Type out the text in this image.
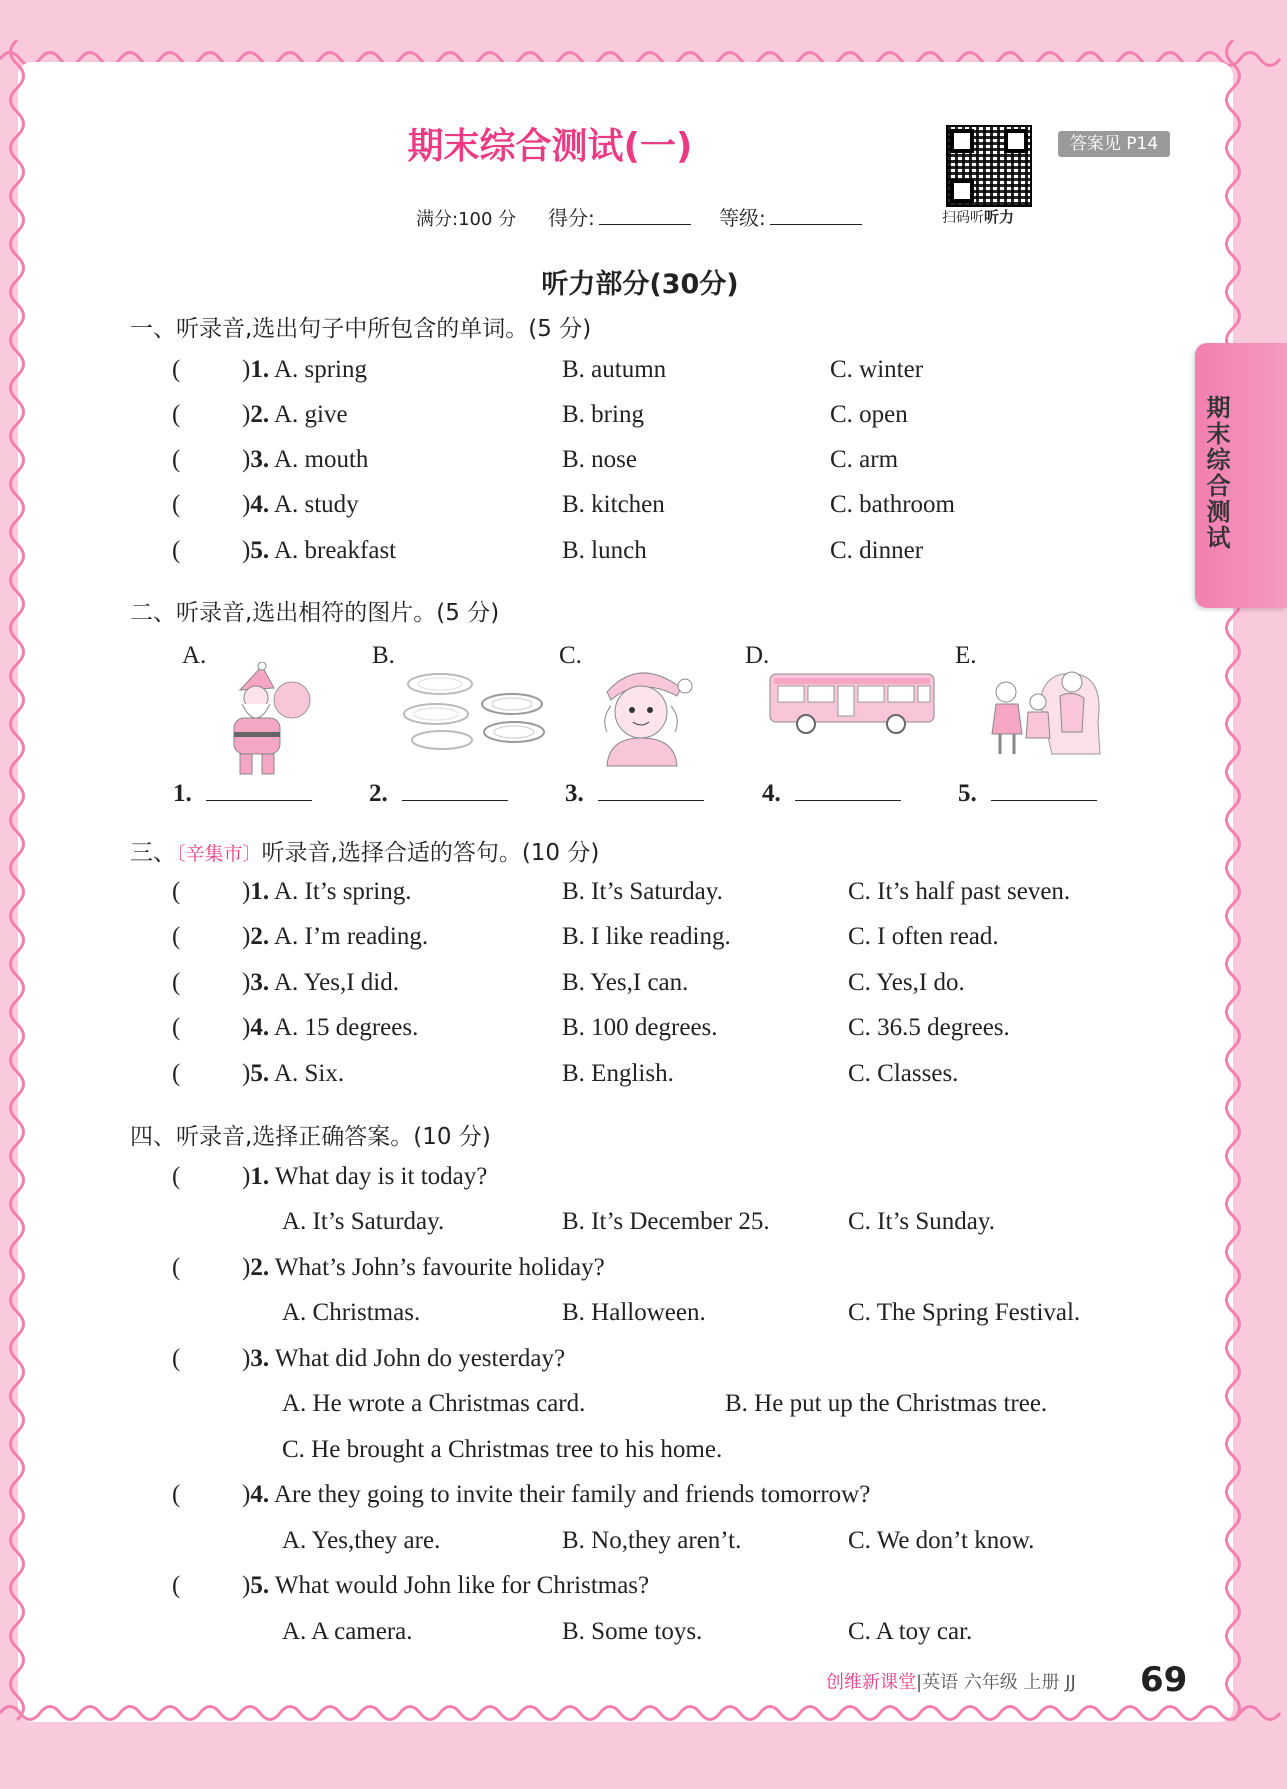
期末综合测试
期末综合测试(一)
扫码听听力
答案见 P14
满分:100 分 得分:	等级:
听力部分(30分)
一、听录音,选出句子中所包含的单词。(5 分)
( )1. A. spring	B. autumn	C. winter
( )2. A. give	B. bring	C. open
( )3. A. mouth	B. nose	C. arm
( )4. A. study	B. kitchen	C. bathroom
( )5. A. breakfast	B. lunch	C. dinner
二、听录音,选出相符的图片。(5 分)
A.	B.	C.	D.	E.
1.	2.	3.	4.	5.
三、〔辛集市〕听录音,选择合适的答句。(10 分)
( )1. A. It’s spring.	B. It’s Saturday.	C. It’s half past seven.
( )2. A. I’m reading.	B. I like reading.	C. I often read.
( )3. A. Yes,I did.	B. Yes,I can.	C. Yes,I do.
( )4. A. 15 degrees.	B. 100 degrees.	C. 36.5 degrees.
( )5. A. Six.	B. English.	C. Classes.
四、听录音,选择正确答案。(10 分)
( )1. What day is it today?
A. It’s Saturday.	B. It’s December 25.	C. It’s Sunday.
( )2. What’s John’s favourite holiday?
A. Christmas.	B. Halloween.	C. The Spring Festival.
( )3. What did John do yesterday?
A. He wrote a Christmas card.	B. He put up the Christmas tree.
C. He brought a Christmas tree to his home.
( )4. Are they going to invite their family and friends tomorrow?
A. Yes,they are.	B. No,they aren’t.	C. We don’t know.
( )5. What would John like for Christmas?
A. A camera.	B. Some toys.	C. A toy car.
创维新课堂|英语 六年级 上册 JJ 69
